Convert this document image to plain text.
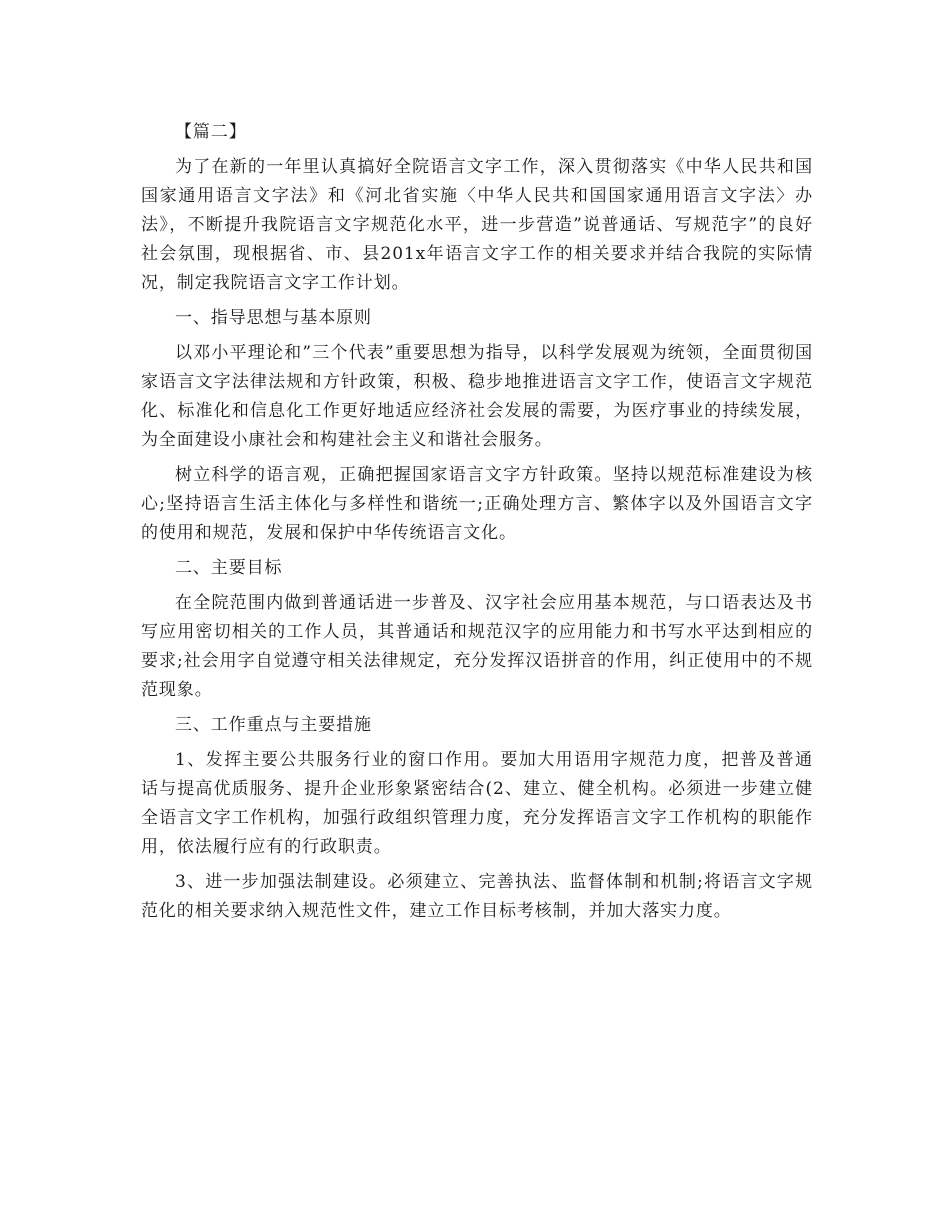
【篇二】

为了在新的一年里认真搞好全院语言文字工作，深入贯彻落实《中华人民共和国国家通用语言文字法》和《河北省实施〈中华人民共和国国家通用语言文字法〉办法》，不断提升我院语言文字规范化水平，进一步营造”说普通话、写规范字”的良好社会氛围，现根据省、市、县201x年语言文字工作的相关要求并结合我院的实际情况，制定我院语言文字工作计划。

一、指导思想与基本原则

以邓小平理论和”三个代表”重要思想为指导，以科学发展观为统领，全面贯彻国家语言文字法律法规和方针政策，积极、稳步地推进语言文字工作，使语言文字规范化、标准化和信息化工作更好地适应经济社会发展的需要，为医疗事业的持续发展，为全面建设小康社会和构建社会主义和谐社会服务。

树立科学的语言观，正确把握国家语言文字方针政策。坚持以规范标准建设为核心;坚持语言生活主体化与多样性和谐统一;正确处理方言、繁体字以及外国语言文字的使用和规范，发展和保护中华传统语言文化。

二、主要目标

在全院范围内做到普通话进一步普及、汉字社会应用基本规范，与口语表达及书写应用密切相关的工作人员，其普通话和规范汉字的应用能力和书写水平达到相应的要求;社会用字自觉遵守相关法律规定，充分发挥汉语拼音的作用，纠正使用中的不规范现象。

三、工作重点与主要措施

1、发挥主要公共服务行业的窗口作用。要加大用语用字规范力度，把普及普通话与提高优质服务、提升企业形象紧密结合(2、建立、健全机构。必须进一步建立健全语言文字工作机构，加强行政组织管理力度，充分发挥语言文字工作机构的职能作用，依法履行应有的行政职责。

3、进一步加强法制建设。必须建立、完善执法、监督体制和机制;将语言文字规范化的相关要求纳入规范性文件，建立工作目标考核制，并加大落实力度。
